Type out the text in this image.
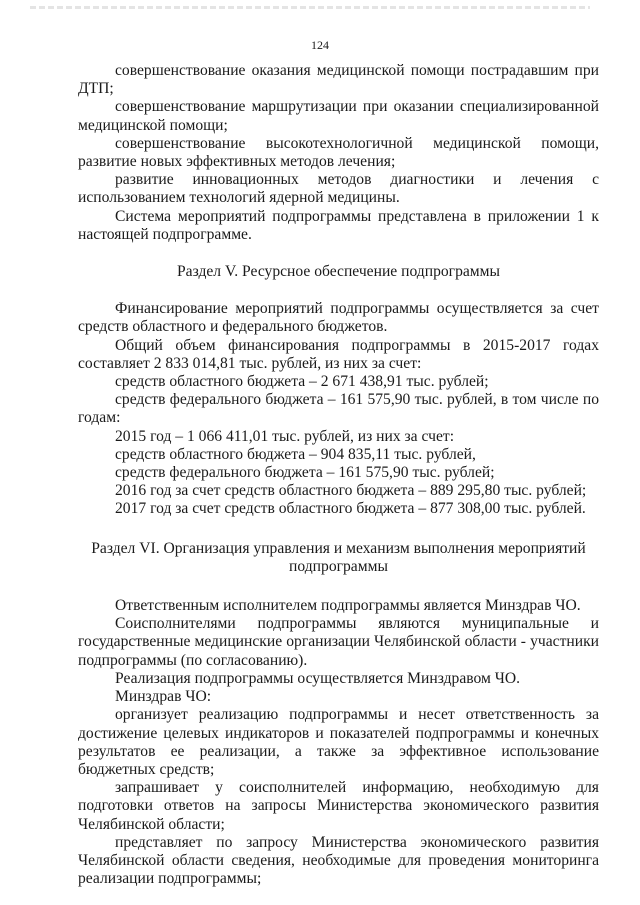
124

совершенствование оказания медицинской помощи пострадавшим при ДТП;

совершенствование маршрутизации при оказании специализированной медицинской помощи;

совершенствование высокотехнологичной медицинской помощи, развитие новых эффективных методов лечения;

развитие инновационных методов диагностики и лечения с использованием технологий ядерной медицины.

Система мероприятий подпрограммы представлена в приложении 1 к настоящей подпрограмме.

Раздел V. Ресурсное обеспечение подпрограммы

Финансирование мероприятий подпрограммы осуществляется за счет средств областного и федерального бюджетов.

Общий объем финансирования подпрограммы в 2015-2017 годах составляет 2 833 014,81 тыс. рублей, из них за счет:

средств областного бюджета – 2 671 438,91 тыс. рублей;

средств федерального бюджета – 161 575,90 тыс. рублей, в том числе по годам:

2015 год – 1 066 411,01 тыс. рублей, из них за счет:

средств областного бюджета – 904 835,11 тыс. рублей,

средств федерального бюджета – 161 575,90 тыс. рублей;

2016 год за счет средств областного бюджета – 889 295,80 тыс. рублей;

2017 год за счет средств областного бюджета – 877 308,00 тыс. рублей.

Раздел VI. Организация управления и механизм выполнения мероприятий
подпрограммы

Ответственным исполнителем подпрограммы является Минздрав ЧО.

Соисполнителями подпрограммы являются муниципальные и государственные медицинские организации Челябинской области - участники подпрограммы (по согласованию).

Реализация подпрограммы осуществляется Минздравом ЧО.

Минздрав ЧО:

организует реализацию подпрограммы и несет ответственность за достижение целевых индикаторов и показателей подпрограммы и конечных результатов ее реализации, а также за эффективное использование бюджетных средств;

запрашивает у соисполнителей информацию, необходимую для подготовки ответов на запросы Министерства экономического развития Челябинской области;

представляет по запросу Министерства экономического развития Челябинской области сведения, необходимые для проведения мониторинга реализации подпрограммы;
